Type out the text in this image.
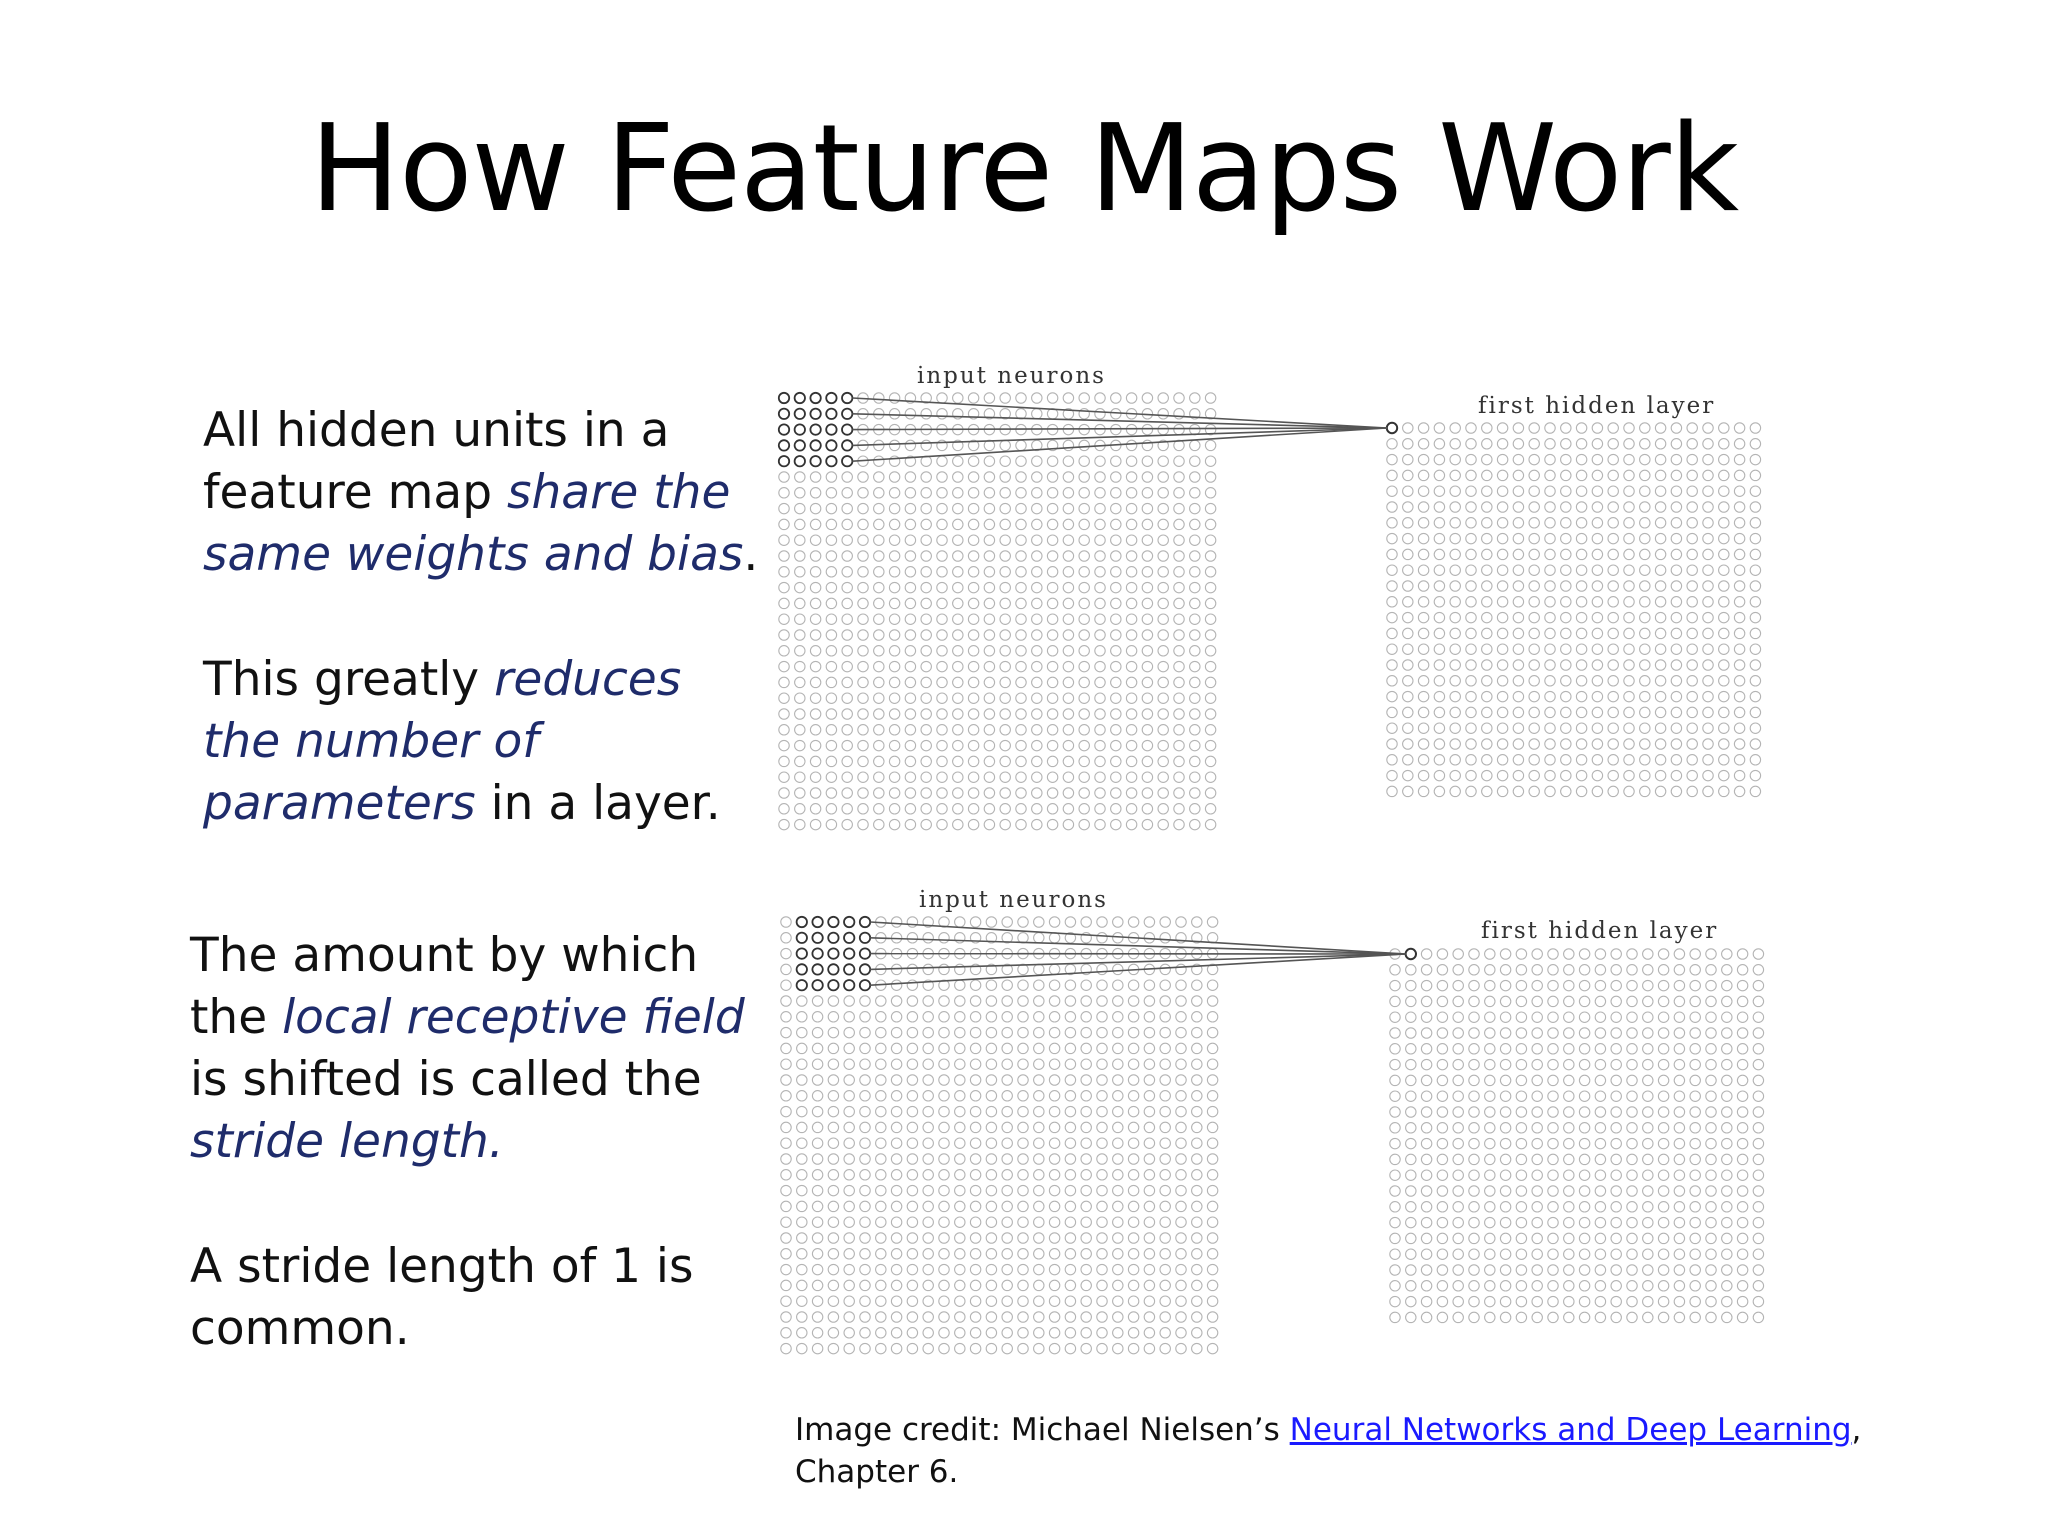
How Feature Maps Work

All hidden units in a feature map share the same weights and bias.

This greatly reduces the number of parameters in a layer.

The amount by which the local receptive field is shifted is called the stride length.

A stride length of 1 is common.

input neurons
first hidden layer
input neurons
first hidden layer
Image credit: Michael Nielsen’s Neural Networks and Deep Learning, Chapter 6.
